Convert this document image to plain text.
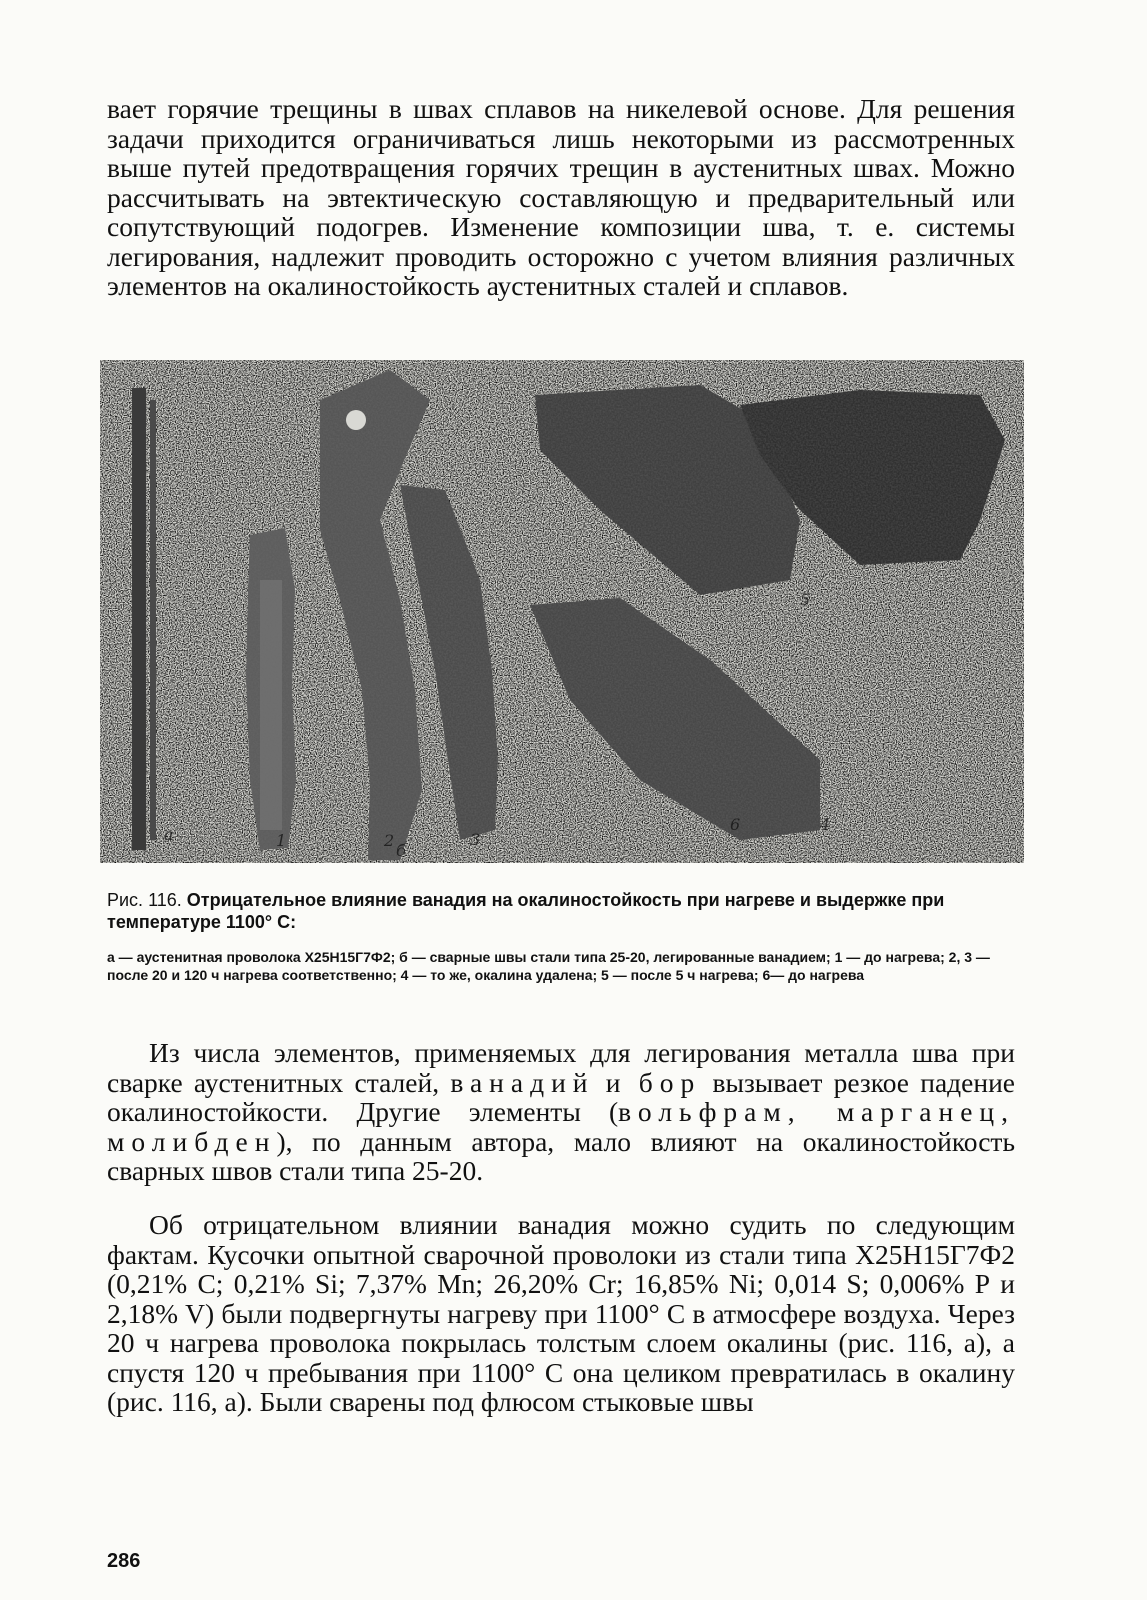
вает горячие трещины в швах сплавов на никелевой основе. Для решения задачи приходится ограничиваться лишь некоторыми из рассмотренных выше путей предотвращения горячих трещин в аустенитных швах. Можно рассчитывать на эвтектическую составляющую и предварительный или сопутствующий подогрев. Изменение композиции шва, т. е. системы легирования, надлежит проводить осторожно с учетом влияния различных элементов на окалиностойкость аустенитных сталей и сплавов.

а	1
б
2	3
4
5
6

Рис. 116. Отрицательное влияние ванадия на окалиностойкость при нагреве и выдержке при температуре 1100° С:

а — аустенитная проволока Х25Н15Г7Ф2; б — сварные швы стали типа 25-20, легированные ванадием; 1 — до нагрева; 2, 3 — после 20 и 120 ч нагрева соответственно; 4 — то же, окалина удалена; 5 — после 5 ч нагрева; 6— до нагрева

Из числа элементов, применяемых для легирования металла шва при сварке аустенитных сталей, ванадий и бор вызывает резкое падение окалиностойкости. Другие элементы (вольфрам, марганец, молибден), по данным автора, мало влияют на окалиностойкость сварных швов стали типа 25-20.

Об отрицательном влиянии ванадия можно судить по следующим фактам. Кусочки опытной сварочной проволоки из стали типа Х25Н15Г7Ф2 (0,21% С; 0,21% Si; 7,37% Mn; 26,20% Cr; 16,85% Ni; 0,014 S; 0,006% Р и 2,18% V) были подвергнуты нагреву при 1100° С в атмосфере воздуха. Через 20 ч нагрева проволока покрылась толстым слоем окалины (рис. 116, а), а спустя 120 ч пребывания при 1100° С она целиком превратилась в окалину (рис. 116, а). Были сварены под флюсом стыковые швы

286
